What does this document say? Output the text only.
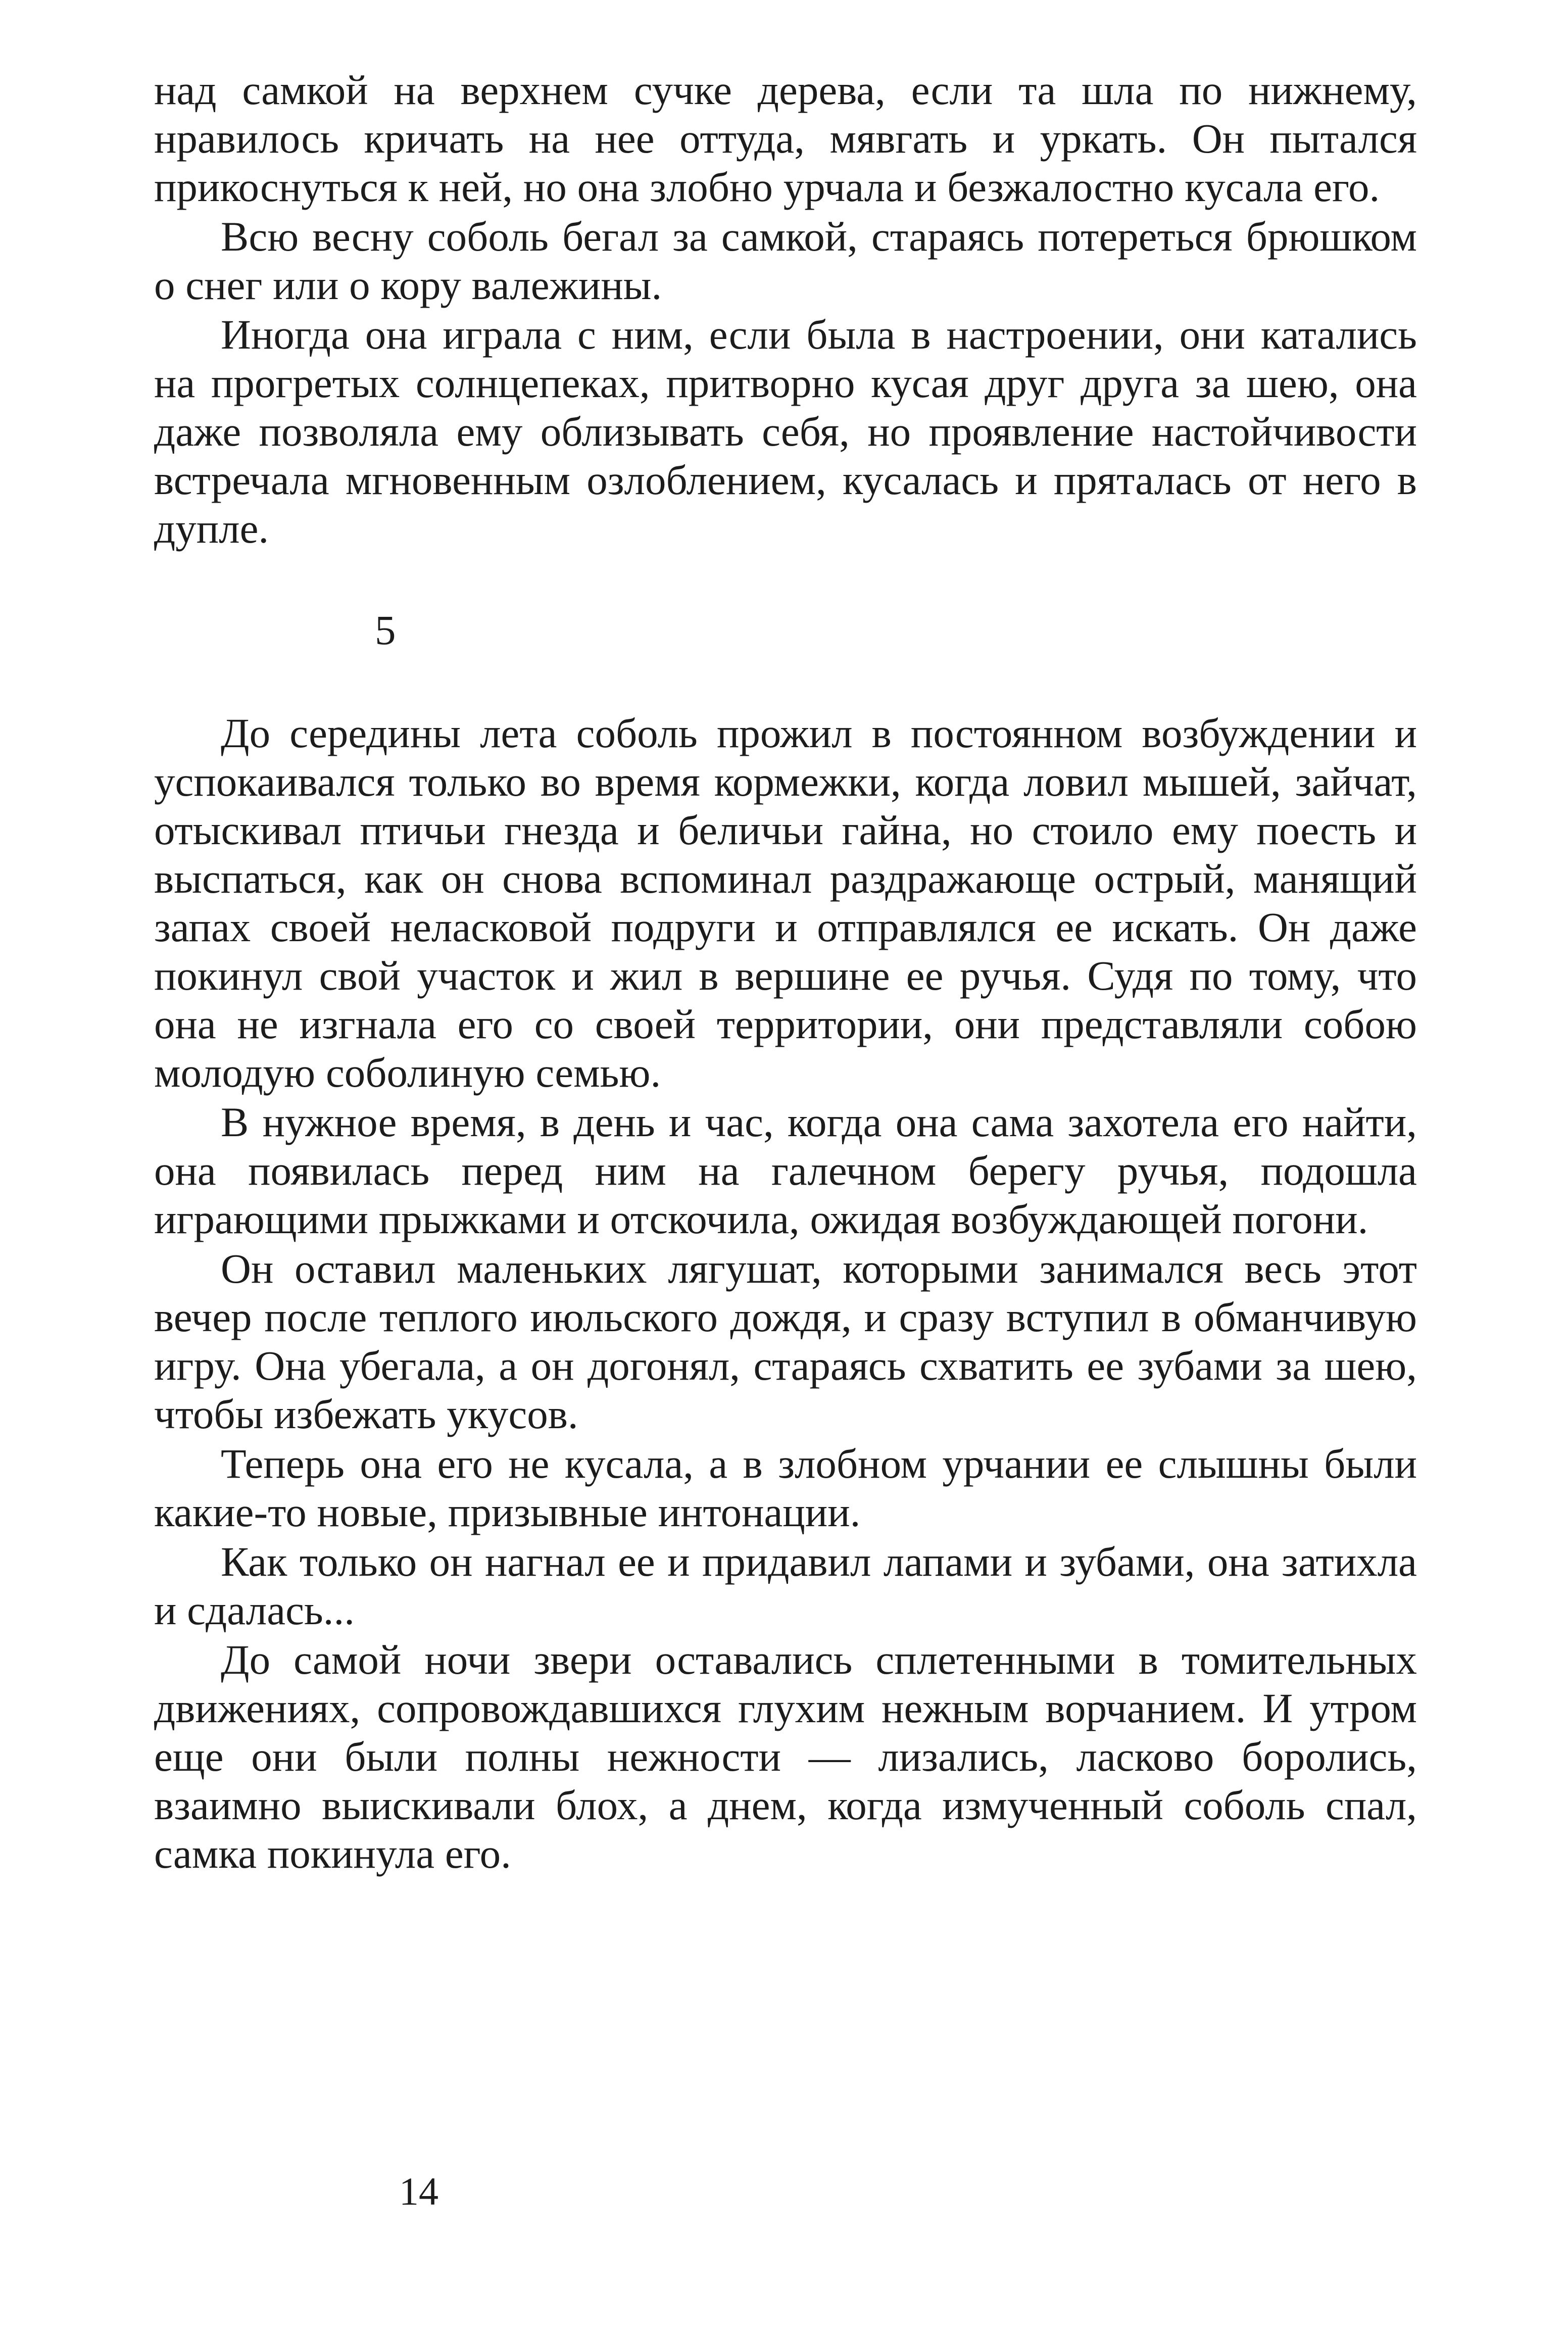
над самкой на верхнем сучке дерева, если та шла по нижнему, нравилось кричать на нее оттуда, мявгать и уркать. Он пытался прикоснуться к ней, но она злобно урчала и безжалостно кусала его.

Всю весну соболь бегал за самкой, стараясь потереться брюшком о снег или о кору валежины.

Иногда она играла с ним, если была в настроении, они катались на прогретых солнцепеках, притворно кусая друг друга за шею, она даже позволяла ему облизывать себя, но проявление настойчивости встречала мгновенным озлоблением, кусалась и пряталась от него в дупле.

5

До середины лета соболь прожил в постоянном возбуждении и успокаивался только во время кормежки, когда ловил мышей, зайчат, отыскивал птичьи гнезда и беличьи гайна, но стоило ему поесть и выспаться, как он снова вспоминал раздражающе острый, манящий запах своей неласковой подруги и отправлялся ее искать. Он даже покинул свой участок и жил в вершине ее ручья. Судя по тому, что она не изгнала его со своей территории, они представляли собою молодую соболиную семью.

В нужное время, в день и час, когда она сама захотела его найти, она появилась перед ним на галечном берегу ручья, подошла играющими прыжками и отскочила, ожидая возбуждающей погони.

Он оставил маленьких лягушат, которыми занимался весь этот вечер после теплого июльского дождя, и сразу вступил в обманчивую игру. Она убегала, а он догонял, стараясь схватить ее зубами за шею, чтобы избежать укусов.

Теперь она его не кусала, а в злобном урчании ее слышны были какие-то новые, призывные интонации.

Как только он нагнал ее и придавил лапами и зубами, она затихла и сдалась...

До самой ночи звери оставались сплетенными в томительных движениях, сопровождавшихся глухим нежным ворчанием. И утром еще они были полны нежности — лизались, ласково боролись, взаимно выискивали блох, а днем, когда измученный соболь спал, самка покинула его.

14
